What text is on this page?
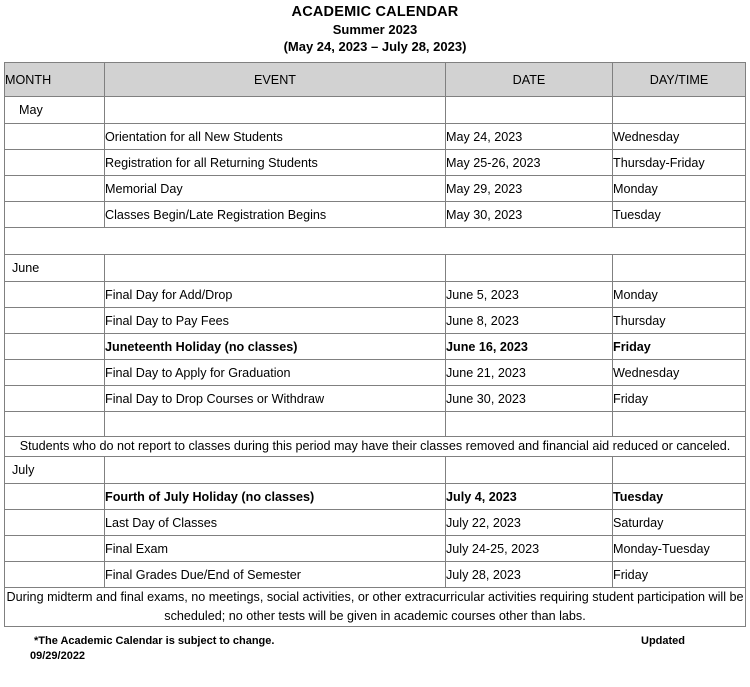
ACADEMIC CALENDAR
Summer 2023
(May 24, 2023 – July 28, 2023)
MONTH	EVENT	DATE	DAY/TIME
May			
	Orientation for all New Students	May 24, 2023	Wednesday
	Registration for all Returning Students	May 25-26, 2023	Thursday-Friday
	Memorial Day	May 29, 2023	Monday
	Classes Begin/Late Registration Begins	May 30, 2023	Tuesday

June			
	Final Day for Add/Drop	June 5, 2023	Monday
	Final Day to Pay Fees	June 8, 2023	Thursday
	Juneteenth Holiday (no classes)	June 16, 2023	Friday
	Final Day to Apply for Graduation	June 21, 2023	Wednesday
	Final Day to Drop Courses or Withdraw	June 30, 2023	Friday

Students who do not report to classes during this period may have their classes removed and financial aid reduced or canceled.			
July			
	Fourth of July Holiday (no classes)	July 4, 2023	Tuesday
	Last Day of Classes	July 22, 2023	Saturday
	Final Exam	July 24-25, 2023	Monday-Tuesday
	Final Grades Due/End of Semester	July 28, 2023	Friday
During midterm and final exams, no meetings, social activities, or other extracurricular activities requiring student participation will be scheduled; no other tests will be given in academic courses other than labs.			
*The Academic Calendar is subject to change.	Updated
09/29/2022
